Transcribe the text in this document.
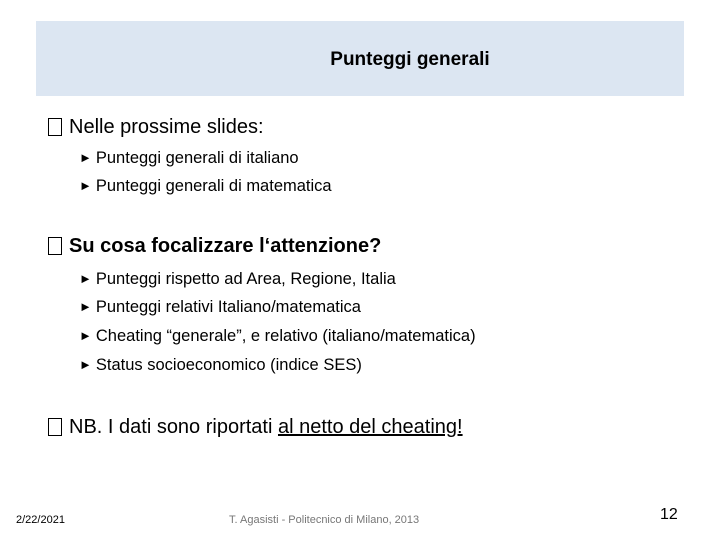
Punteggi generali
Nelle prossime slides:
► Punteggi generali di italiano
► Punteggi generali di matematica
Su cosa focalizzare l‘attenzione?
► Punteggi rispetto ad Area, Regione, Italia
► Punteggi relativi Italiano/matematica
► Cheating “generale”, e relativo (italiano/matematica)
► Status socioeconomico (indice SES)
NB. I dati sono riportati al netto del cheating!
2/22/2021	T. Agasisti - Politecnico di Milano, 2013	12
